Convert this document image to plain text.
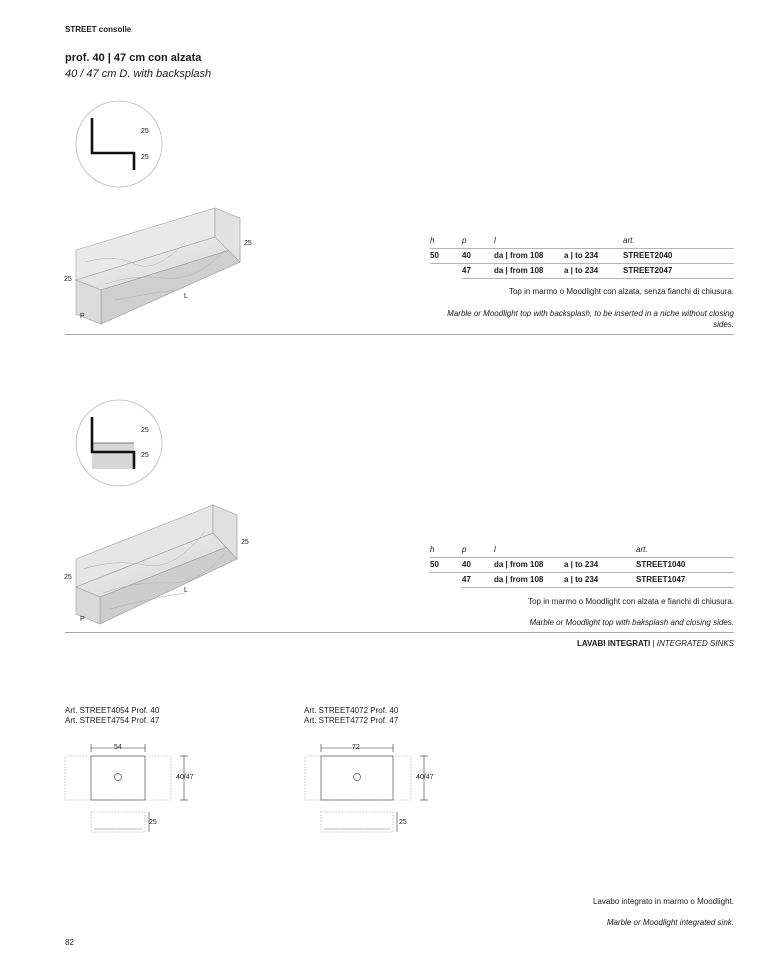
STREET consolle
prof. 40 | 47 cm con alzata
40 / 47 cm D. with backsplash
25
25
25
25
L
P
h	p	l		art.
50	40	da | from 108	a | to 234	STREET2040
	47	da | from 108	a | to 234	STREET2047
Top in marmo o Moodlight con alzata, senza fianchi di chiusura.
Marble or Moodlight top with backsplash, to be inserted in a niche without closing sides.
25
25
25
25
L
P
h	p	l		art.
50	40	da | from 108	a | to 234	STREET1040
	47	da | from 108	a | to 234	STREET1047
Top in marmo o Moodlight con alzata e fianchi di chiusura.
Marble or Moodlight top with baksplash and closing sides.
LAVABI INTEGRATI | INTEGRATED SINKS
Art. STREET4054 Prof. 40
Art. STREET4754 Prof. 47
54
40/47
25
Art. STREET4072 Prof. 40
Art. STREET4772 Prof. 47
72
40/47
25
Lavabo integrato in marmo o Moodlight.
Marble or Moodlight integrated sink.
82
